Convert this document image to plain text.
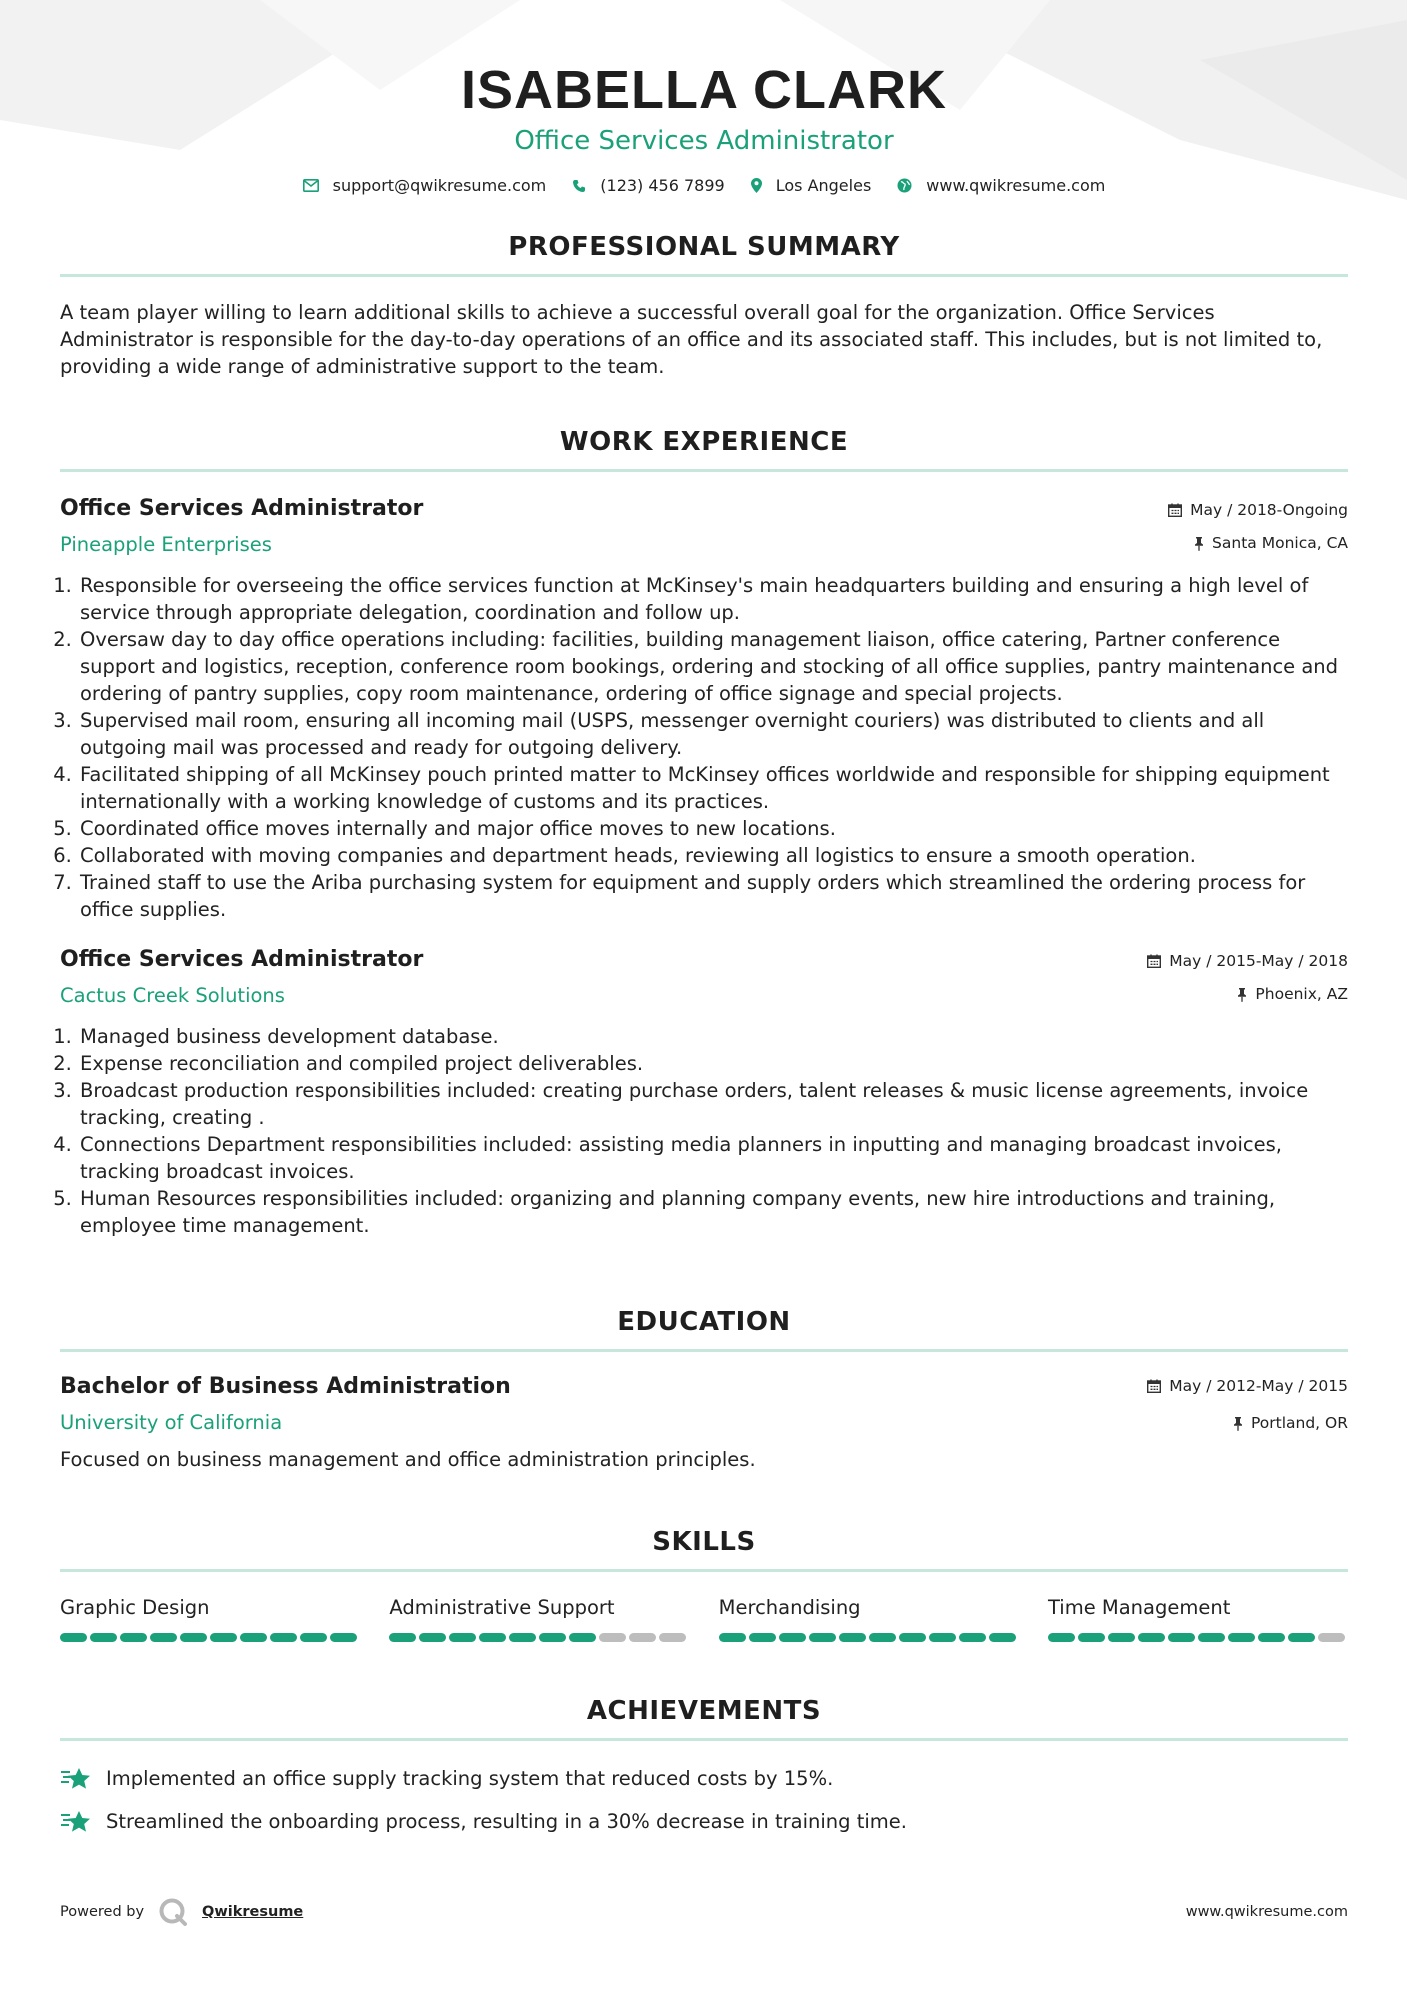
ISABELLA CLARK
Office Services Administrator
support@qwikresume.com	(123) 456 7899	Los Angeles	www.qwikresume.com
PROFESSIONAL SUMMARY
A team player willing to learn additional skills to achieve a successful overall goal for the organization. Office Services Administrator is responsible for the day-to-day operations of an office and its associated staff. This includes, but is not limited to, providing a wide range of administrative support to the team.
WORK EXPERIENCE
Office Services Administrator
Pineapple Enterprises
May / 2018-Ongoing
Santa Monica, CA
1. Responsible for overseeing the office services function at McKinsey's main headquarters building and ensuring a high level of service through appropriate delegation, coordination and follow up.
2. Oversaw day to day office operations including: facilities, building management liaison, office catering, Partner conference support and logistics, reception, conference room bookings, ordering and stocking of all office supplies, pantry maintenance and ordering of pantry supplies, copy room maintenance, ordering of office signage and special projects.
3. Supervised mail room, ensuring all incoming mail (USPS, messenger overnight couriers) was distributed to clients and all outgoing mail was processed and ready for outgoing delivery.
4. Facilitated shipping of all McKinsey pouch printed matter to McKinsey offices worldwide and responsible for shipping equipment internationally with a working knowledge of customs and its practices.
5. Coordinated office moves internally and major office moves to new locations.
6. Collaborated with moving companies and department heads, reviewing all logistics to ensure a smooth operation.
7. Trained staff to use the Ariba purchasing system for equipment and supply orders which streamlined the ordering process for office supplies.
Office Services Administrator
Cactus Creek Solutions
May / 2015-May / 2018
Phoenix, AZ
1. Managed business development database.
2. Expense reconciliation and compiled project deliverables.
3. Broadcast production responsibilities included: creating purchase orders, talent releases & music license agreements, invoice tracking, creating .
4. Connections Department responsibilities included: assisting media planners in inputting and managing broadcast invoices, tracking broadcast invoices.
5. Human Resources responsibilities included: organizing and planning company events, new hire introductions and training, employee time management.
EDUCATION
Bachelor of Business Administration
University of California
May / 2012-May / 2015
Portland, OR
Focused on business management and office administration principles.
SKILLS
Graphic Design	Administrative Support	Merchandising	Time Management
ACHIEVEMENTS
Implemented an office supply tracking system that reduced costs by 15%.
Streamlined the onboarding process, resulting in a 30% decrease in training time.
Powered by	Qwikresume	www.qwikresume.com
